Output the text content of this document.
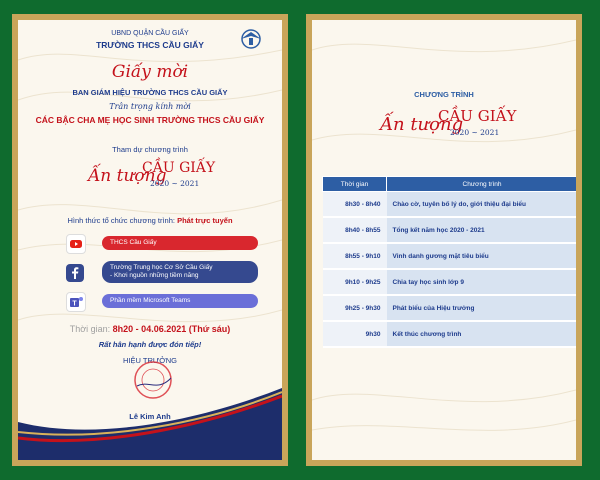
UBND QUẬN CẦU GIẤY
TRƯỜNG THCS CẦU GIẤY
Giấy mời
BAN GIÁM HIỆU TRƯỜNG THCS CẦU GIẤY
Trân trọng kính mời
CÁC BẬC CHA MẸ HỌC SINH TRƯỜNG THCS CẦU GIẤY
Tham dự chương trình
Ấn tượng
CẦU GIẤY
2020 ~ 2021
Hình thức tổ chức chương trình: Phát trực tuyến
THCS Cầu Giấy
Trường Trung học Cơ Sở Cầu Giấy
- Khơi nguồn những tiềm năng
T	Phần mềm Microsoft Teams
Thời gian: 8h20 - 04.06.2021 (Thứ sáu)
Rất hân hạnh được đón tiếp!
HIỆU TRƯỞNG
Lê Kim Anh
CHƯƠNG TRÌNH
Ấn tượng
CẦU GIẤY
2020 ~ 2021
Thời gian	Chương trình
8h30 - 8h40	Chào cờ, tuyên bố lý do, giới thiệu đại biểu
8h40 - 8h55	Tổng kết năm học 2020 - 2021
8h55 - 9h10	Vinh danh gương mặt tiêu biểu
9h10 - 9h25	Chia tay học sinh lớp 9
9h25 - 9h30	Phát biểu của Hiệu trưởng
9h30	Kết thúc chương trình
